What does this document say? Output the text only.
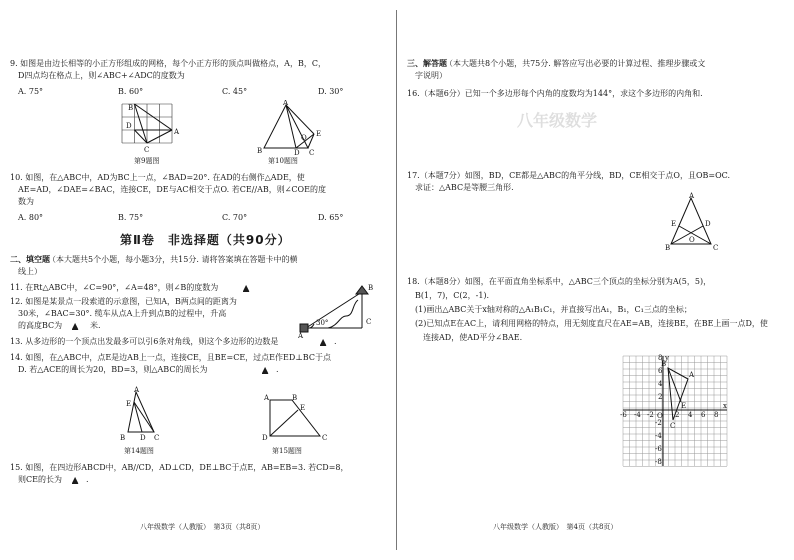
9. 如图是由边长相等的小正方形组成的网格，每个小正方形的顶点叫做格点，A，B，C，
D四点均在格点上，则∠ABC+∠ADC的度数为
A. 75°	B. 60°	C. 45°	D. 30°
B
A
C
D
第9题图
A
B	D C
E
O
第10题图
10. 如图，在△ABC中，AD为BC上一点，∠BAD=20°. 在AD的右侧作△ADE，使
AE=AD，∠DAE=∠BAC，连接CE，DE与AC相交于点O. 若CE//AB，则∠COE的度
数为
A. 80°	B. 75°	C. 70°	D. 65°
第Ⅱ卷　非选择题（共90分）
二、填空题
（本大题共5个小题，每小题3分，共15分. 请将答案填在答题卡中的横
线上）
11. 在Rt△ABC中，∠C=90°，∠A=48°，则∠B的度数为	▲
12. 如图是某景点一段索道的示意图，已知A，B两点间的距离为
30米，∠BAC=30°. 缆车从点A上升到点B的过程中，升高
的高度BC为 ▲ 米.
A
B
C
30°
13. 从多边形的一个顶点出发最多可以引6条对角线，则这个多边形的边数是	▲ .
14. 如图，在△ABC中，点E是边AB上一点，连接CE，且BE=CE，过点E作ED⊥BC于点
D. 若△ACE的周长为20，BD=3，则△ABC的周长为	▲ .
A
B	C
D
E
第14题图
A	B
C
D
E
第15题图
15. 如图，在四边形ABCD中，AB//CD，AD⊥CD，DE⊥BC于点E，AB=EB=3. 若CD=8，
则CE的长为 ▲ .
八年级数学（人教版）　第3页（共8页）
八年级数学
三、解答题
（本大题共8个小题，共75分. 解答应写出必要的计算过程、推理步骤或文
字说明）
16.（本题6分）已知一个多边形每个内角的度数均为144°，求这个多边形的内角和.
17.（本题7分）如图，BD，CE都是△ABC的角平分线，BD，CE相交于点O，且OB=OC.
求证：△ABC是等腰三角形.
A
B	C
D
E
O
18.（本题8分）如图，在平面直角坐标系中，△ABC三个顶点的坐标分别为A(5，5)，
B(1，7)，C(2，-1).
(1)画出△ABC关于x轴对称的△A₁B₁C₁，并直接写出A₁，B₁，C₁三点的坐标；
(2)已知点E在AC上，请利用网格的特点，用无刻度直尺在AE=AB，连接BE，在BE上画一点D，使
连接AD，使AD平分∠BAE.
y
x
O
A
B
C
E
-6 -4 -2	2 4 6 8
-2
-4
-6
-8
2
4
6
8
八年级数学（人教版）　第4页（共8页）
